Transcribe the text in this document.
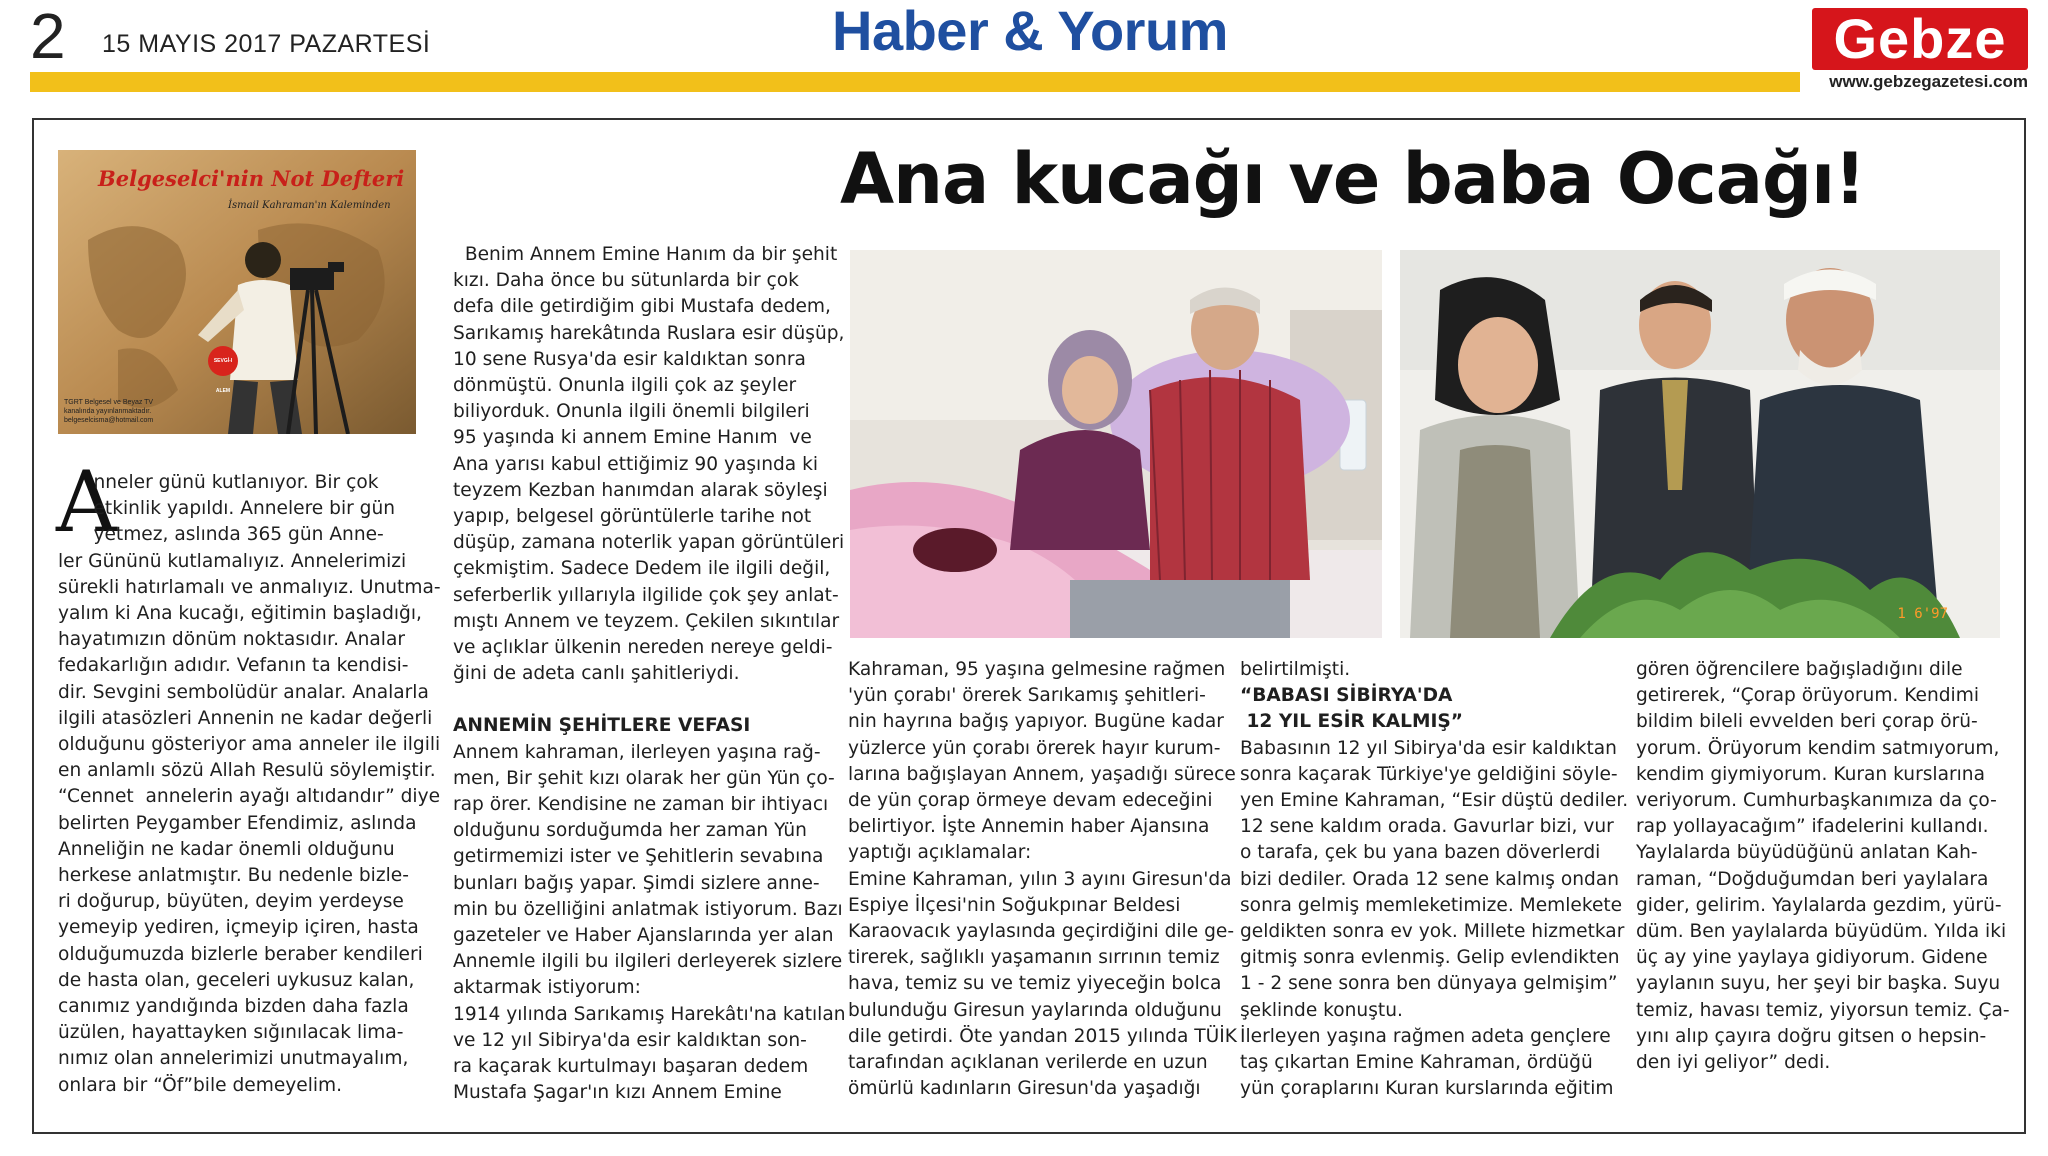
2 15 MAYIS 2017 PAZARTESİ	Haber & Yorum	Gebze
www.gebzegazetesi.com
Belgeselci'nin Not Defteri
İsmail Kahraman'ın Kaleminden
SEVGİ-I ALEM
TGRT Belgesel ve Beyaz TV
kanalında yayınlanmaktadır.
belgeselcisma@hotmail.com
Ana kucağı ve baba Ocağı!
1 6'97
A
nneler günü kutlanıyor. Bir çok
etkinlik yapıldı. Annelere bir gün
yetmez, aslında 365 gün Anne-
ler Gününü kutlamalıyız. Annelerimizi
sürekli hatırlamalı ve anmalıyız. Unutma-
yalım ki Ana kucağı, eğitimin başladığı,
hayatımızın dönüm noktasıdır. Analar
fedakarlığın adıdır. Vefanın ta kendisi-
dir. Sevgini sembolüdür analar. Analarla
ilgili atasözleri Annenin ne kadar değerli
olduğunu gösteriyor ama anneler ile ilgili
en anlamlı sözü Allah Resulü söylemiştir.
“Cennet  annelerin ayağı altıdandır” diye
belirten Peygamber Efendimiz, aslında
Anneliğin ne kadar önemli olduğunu
herkese anlatmıştır. Bu nedenle bizle-
ri doğurup, büyüten, deyim yerdeyse
yemeyip yediren, içmeyip içiren, hasta
olduğumuzda bizlerle beraber kendileri
de hasta olan, geceleri uykusuz kalan,
canımız yandığında bizden daha fazla
üzülen, hayattayken sığınılacak lima-
nımız olan annelerimizi unutmayalım,
onlara bir “Öf”bile demeyelim.
Benim Annem Emine Hanım da bir şehit
kızı. Daha önce bu sütunlarda bir çok
defa dile getirdiğim gibi Mustafa dedem,
Sarıkamış harekâtında Ruslara esir düşüp,
10 sene Rusya'da esir kaldıktan sonra
dönmüştü. Onunla ilgili çok az şeyler
biliyorduk. Onunla ilgili önemli bilgileri
95 yaşında ki annem Emine Hanım  ve
Ana yarısı kabul ettiğimiz 90 yaşında ki
teyzem Kezban hanımdan alarak söyleşi
yapıp, belgesel görüntülerle tarihe not
düşüp, zamana noterlik yapan görüntüleri
çekmiştim. Sadece Dedem ile ilgili değil,
seferberlik yıllarıyla ilgilide çok şey anlat-
mıştı Annem ve teyzem. Çekilen sıkıntılar
ve açlıklar ülkenin nereden nereye geldi-
ğini de adeta canlı şahitleriydi.
ANNEMİN ŞEHİTLERE VEFASI
Annem kahraman, ilerleyen yaşına rağ-
men, Bir şehit kızı olarak her gün Yün ço-
rap örer. Kendisine ne zaman bir ihtiyacı
olduğunu sorduğumda her zaman Yün
getirmemizi ister ve Şehitlerin sevabına
bunları bağış yapar. Şimdi sizlere anne-
min bu özelliğini anlatmak istiyorum. Bazı
gazeteler ve Haber Ajanslarında yer alan
Annemle ilgili bu ilgileri derleyerek sizlere
aktarmak istiyorum:
1914 yılında Sarıkamış Harekâtı'na katılan
ve 12 yıl Sibirya'da esir kaldıktan son-
ra kaçarak kurtulmayı başaran dedem
Mustafa Şagar'ın kızı Annem Emine
Kahraman, 95 yaşına gelmesine rağmen
'yün çorabı' örerek Sarıkamış şehitleri-
nin hayrına bağış yapıyor. Bugüne kadar
yüzlerce yün çorabı örerek hayır kurum-
larına bağışlayan Annem, yaşadığı sürece
de yün çorap örmeye devam edeceğini
belirtiyor. İşte Annemin haber Ajansına
yaptığı açıklamalar:
Emine Kahraman, yılın 3 ayını Giresun'da
Espiye İlçesi'nin Soğukpınar Beldesi
Karaovacık yaylasında geçirdiğini dile ge-
tirerek, sağlıklı yaşamanın sırrının temiz
hava, temiz su ve temiz yiyeceğin bolca
bulunduğu Giresun yaylarında olduğunu
dile getirdi. Öte yandan 2015 yılında TÜİK
tarafından açıklanan verilerde en uzun
ömürlü kadınların Giresun'da yaşadığı
belirtilmişti.
“BABASI SİBİRYA'DA
12 YIL ESİR KALMIŞ”
Babasının 12 yıl Sibirya'da esir kaldıktan
sonra kaçarak Türkiye'ye geldiğini söyle-
yen Emine Kahraman, “Esir düştü dediler.
12 sene kaldım orada. Gavurlar bizi, vur
o tarafa, çek bu yana bazen döverlerdi
bizi dediler. Orada 12 sene kalmış ondan
sonra gelmiş memleketimize. Memlekete
geldikten sonra ev yok. Millete hizmetkar
gitmiş sonra evlenmiş. Gelip evlendikten
1 - 2 sene sonra ben dünyaya gelmişim”
şeklinde konuştu.
İlerleyen yaşına rağmen adeta gençlere
taş çıkartan Emine Kahraman, ördüğü
yün çoraplarını Kuran kurslarında eğitim
gören öğrencilere bağışladığını dile
getirerek, “Çorap örüyorum. Kendimi
bildim bileli evvelden beri çorap örü-
yorum. Örüyorum kendim satmıyorum,
kendim giymiyorum. Kuran kurslarına
veriyorum. Cumhurbaşkanımıza da ço-
rap yollayacağım” ifadelerini kullandı.
Yaylalarda büyüdüğünü anlatan Kah-
raman, “Doğduğumdan beri yaylalara
gider, gelirim. Yaylalarda gezdim, yürü-
düm. Ben yaylalarda büyüdüm. Yılda iki
üç ay yine yaylaya gidiyorum. Gidene
yaylanın suyu, her şeyi bir başka. Suyu
temiz, havası temiz, yiyorsun temiz. Ça-
yını alıp çayıra doğru gitsen o hepsin-
den iyi geliyor” dedi.
